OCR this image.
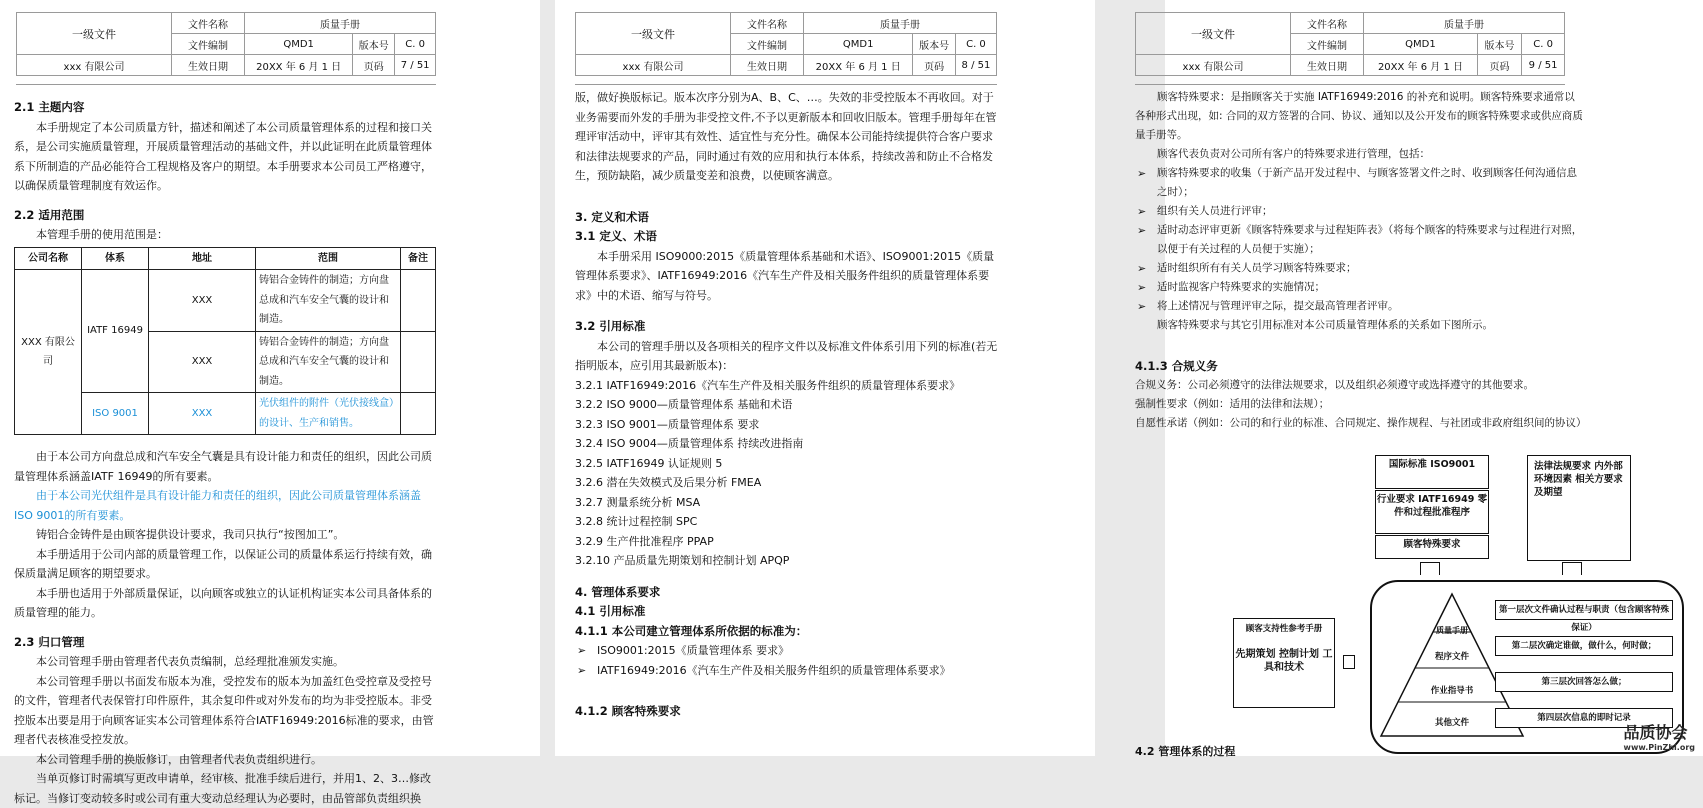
一级文件	文件名称	质量手册		
	文件编制	QMD1	版本号	C. 0
xxx 有限公司	生效日期	20XX 年 6 月 1 日	页码	7 / 51

2.1 主题内容

本手册规定了本公司质量方针，描述和阐述了本公司质量管理体系的过程和接口关系，是公司实施质量管理，开展质量管理活动的基础文件，并以此证明在此质量管理体系下所制造的产品必能符合工程规格及客户的期望。本手册要求本公司员工严格遵守，以确保质量管理制度有效运作。

2.2 适用范围

本管理手册的使用范围是：

公司名称	体系	地址	范围	备注
XXX 有限公司	IATF 16949	XXX	铸铝合金铸件的制造；方向盘总成和汽车安全气囊的设计和制造。	
		XXX	铸铝合金铸件的制造；方向盘总成和汽车安全气囊的设计和制造。	
	ISO 9001	XXX	光伏组件的附件（光伏接线盒）的设计、生产和销售。	

由于本公司方向盘总成和汽车安全气囊是具有设计能力和责任的组织，因此公司质量管理体系涵盖IATF 16949的所有要素。

由于本公司光伏组件是具有设计能力和责任的组织，因此公司质量管理体系涵盖 ISO 9001的所有要素。

铸铝合金铸件是由顾客提供设计要求，我司只执行“按图加工”。

本手册适用于公司内部的质量管理工作，以保证公司的质量体系运行持续有效，确保质量满足顾客的期望要求。

本手册也适用于外部质量保证，以向顾客或独立的认证机构证实本公司具备体系的质量管理的能力。

2.3 归口管理

本公司管理手册由管理者代表负责编制，总经理批准颁发实施。

本公司管理手册以书面发布版本为准，受控发布的版本为加盖红色受控章及受控号的文件，管理者代表保管打印件原件，其余复印件或对外发布的均为非受控版本。非受控版本出要是用于向顾客证实本公司管理体系符合IATF16949:2016标准的要求，由管理者代表核准受控发放。

本公司管理手册的换版修订，由管理者代表负责组织进行。

当单页修订时需填写更改申请单，经审核、批准手续后进行，并用1、2、3…修改标记。当修订变动较多时或公司有重大变动总经理认为必要时，由品管部负责组织换

一级文件	文件名称	质量手册		
	文件编制	QMD1	版本号	C. 0
xxx 有限公司	生效日期	20XX 年 6 月 1 日	页码	8 / 51

版，做好换版标记。版本次序分别为A、B、C、…。失效的非受控版本不再收回。对于业务需要而外发的手册为非受控文件,不予以更新版本和回收旧版本。管理手册每年在管理评审活动中，评审其有效性、适宜性与充分性。确保本公司能持续提供符合客户要求和法律法规要求的产品，同时通过有效的应用和执行本体系，持续改善和防止不合格发生，预防缺陷，减少质量变差和浪费，以使顾客满意。

3. 定义和术语

3.1 定义、术语

本手册采用 ISO9000:2015《质量管理体系基础和术语》、ISO9001:2015《质量管理体系要求》、IATF16949:2016《汽车生产件及相关服务件组织的质量管理体系要求》中的术语、缩写与符号。

3.2 引用标准

本公司的管理手册以及各项相关的程序文件以及标准文件体系引用下列的标准(若无指明版本，应引用其最新版本)：

3.2.1 IATF16949:2016《汽车生产件及相关服务件组织的质量管理体系要求》

3.2.2 ISO 9000—质量管理体系 基础和术语

3.2.3 ISO 9001—质量管理体系 要求

3.2.4 ISO 9004—质量管理体系 持续改进指南

3.2.5 IATF16949 认证规则 5

3.2.6 潜在失效模式及后果分析 FMEA

3.2.7 测量系统分析 MSA

3.2.8 统计过程控制 SPC

3.2.9 生产件批准程序 PPAP

3.2.10 产品质量先期策划和控制计划 APQP

4. 管理体系要求

4.1 引用标准

4.1.1 本公司建立管理体系所依据的标准为：

➢ ISO9001:2015《质量管理体系 要求》

➢ IATF16949:2016《汽车生产件及相关服务件组织的质量管理体系要求》

4.1.2 顾客特殊要求

一级文件	文件名称	质量手册		
	文件编制	QMD1	版本号	C. 0
xxx 有限公司	生效日期	20XX 年 6 月 1 日	页码	9 / 51

顾客特殊要求：是指顾客关于实施 IATF16949:2016 的补充和说明。顾客特殊要求通常以各种形式出现，如: 合同的双方签署的合同、协议、通知以及公开发布的顾客特殊要求或供应商质量手册等。

顾客代表负责对公司所有客户的特殊要求进行管理，包括：

➢ 顾客特殊要求的收集（于新产品开发过程中、与顾客签署文件之时、收到顾客任何沟通信息之时）；

➢ 组织有关人员进行评审；

➢ 适时动态评审更新《顾客特殊要求与过程矩阵表》（将每个顾客的特殊要求与过程进行对照，以便于有关过程的人员便于实施）；

➢ 适时组织所有有关人员学习顾客特殊要求；

➢ 适时监视客户特殊要求的实施情况；

➢ 将上述情况与管理评审之际，提交最高管理者评审。

顾客特殊要求与其它引用标准对本公司质量管理体系的关系如下图所示。

4.1.3 合规义务

合规义务：公司必须遵守的法律法规要求，以及组织必须遵守或选择遵守的其他要求。

强制性要求（例如：适用的法律和法规）；

自愿性承诺（例如：公司的和行业的标准、合同规定、操作规程、与社团或非政府组织间的协议）

国际标准 ISO9001
行业要求 IATF16949 零件和过程批准程序
顾客特殊要求
法律法规要求 内外部环境因素 相关方要求及期望
顾客支持性参考手册
先期策划 控制计划 工具和技术
质量手册
程序文件
作业指导书
其他文件
第一层次文件确认过程与职责（包含顾客特殊保证）
第二层次确定谁做，做什么，何时做；
第三层次回答怎么做；
第四层次信息的即时记录

4.2 管理体系的过程

品质协会
www.PinZhi.org
